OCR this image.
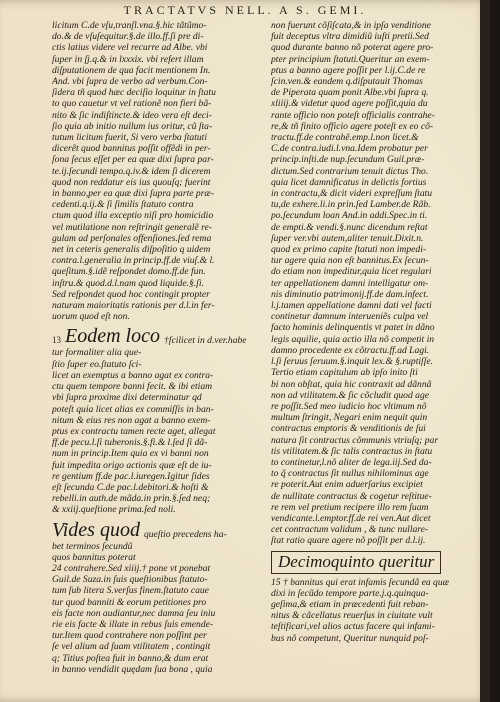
TRACTATVS NELL. A S. GEMI.
licitum C.de vſu,tranſl.vna.§.hic tãtũmo-
do.& de vſuſequitur.§.de illo.ff.ſi pre di-
ctis latius videre vel recurre ad Albe. vbi
ſuper in ſj.q.& in lxxxix. vbi refert illam
diſputationem de qua facit mentionem In.
And. vbi ſupra de verbo ad verbum.Con-
ſidera tñ quod hæc deciſio loquitur in ſtatu
to quo cauetur vt vel rationẽ non fieri bã-
nito & ſic indiſtincte.& ideo vera eſt deci-
ſio quia ab initio nullum ius oritur, cũ ſta-
tutum licitum fuerit, Si vero verba ſtatuti
dicerẽt quod bannitus poſſit offẽdi in per-
ſona ſecus eſſet per ea quæ dixi ſupra par-
te.ij.ſecundi tempo.q.iv.& idem ſi dicerem
quod non reddatur eis ius quouſq; fuerint
in banno,per ea quæ dixi ſupra parte præ-
cedenti.q.ij.& ſi ſimilis ſtatuto contra
ctum quod illa exceptio niſi pro homicidio
vel mutilatione non reſtringit generalẽ re-
gulam ad perſonales offenſiones.ſed rema
net in ceteris generalis diſpoſitio q uidem
contra.l.generalia in princip.ff.de viuſ.& l.
queſitum.§.idẽ reſpondet domo.ff.de fun.
inſtru.& quod.d.l.nam quod liquide.§.ſi.
Sed reſpondet quod hoc contingit propter
naturam maioritatis rationis per d.l.in fer-
uorum quod eſt non.
13 Eodem loco †ſcilicet in d.ver.habe
tur formaliter alia que-
ſtio ſuper eo.ſtatuto ſci-
licet an exemptus a banno agat ex contra-
ctu quem tempore banni fecit. & ibi etiam
vbi ſupra proxime dixi determinatur qd
poteſt quia licet alias ex commiſſis in ban-
nitum & eius res non agat a banno exem-
ptus ex contractu tamen recte aget, allegat
ff.de pecu.l.ſi tuberonis.§.fi.& l.ſed ſi dã-
num in princip.Item quia ex vi banni non
fuit impedita origo actionis quæ eſt de iu-
re gentium ff.de pac.l.iuregen.Igitur ſides
eſt ſecunda C.de pac.l.debitori.& hoſti &
rebelli.in auth.de mãda.in prin.§.ſed neq;
& xxiij.queſtione prima.ſed noli.
Vides quod queſtio precedens ha-
bet terminos ſecundũ
quos bannitus poterat
24 contrahere.Sed xiiij.† pone vt ponebat
Guil.de Suza.in ſuis queſtionibus ſtatuto-
tum ſub litera S.verſus finem.ſtatuto caue
tur quod banniti & eorum petitiones pro
eis facte non audiantur,nec damna ſeu iniu
rie eis facte & illate in rebus ſuis emende-
tur.Item quod contrahere non poſſint per
ſe vel alium ad ſuam vtilitatem , contingit
q; Titius poſtea fuit in banno,& dum erat
in banno vendidit quędam ſua bona , quia
non fuerunt cõſiſcata,& in ipſa venditione
fuit deceptus vltra dimidiũ iuſti pretii.Sed
quod durante banno nõ poterat agere pro-
pter principium ſtatuti.Queritur an exem-
ptus a banno agere poſſit per l.ij.C.de re
ſcin.ven.& eandem q.diſputauit Thomas
de Piperata quam ponit Albe.vbi ſupra q.
xliiij.& videtur quod agere poſſit,quia du
rante officio non poteſt officialis contrahe-
re,& tñ finito officio agere poteſt ex eo cõ-
tractu.ff.de contrahẽ.emp.l.non licet.&
C.de contra.iudi.l.vna.Idem probatur per
princip.inſti.de nup.ſecundum Guil.præ-
dictum.Sed contrarium tenuit dictus Tho.
quia licet damnificatus in delictis fortius
in contractu,& dicit videri expreſſum ſtatu
tu,de exhere.li.in prin.ſed Lamber.de Rãb.
po.ſecundum loan And.in addi.Spec.in ti.
de empti.& vendi.§.nunc dicendum reſtat
ſuper ver.vbi autem,aliter tenuit.Dixit.n.
quod ex primo capite ſtatuti non impedi-
tur agere quia non eſt bannitus.Ex ſecun-
do etiam non impeditur,quia licet regulari
ter appellationem damni intelligatur om-
nis diminutio patrimonij.ff.de dam.infect.
l.j.tamen appellatione damni dati vel facti
continetur damnum interueniẽs culpa vel
facto hominis delinquentis vt patet in dãno
legis aquilie, quia actio illa nõ competit in
damno procedente ex cõtractu.ff.ad Lagi.
l.ſi ſeruus ſeruum.§.inquit lex.& §.ruptiſſe.
Tertio etiam capitulum ab ipſo inito ſti
bi non obſtat, quia hic contraxit ad dãnnã
non ad vtilitatem.& ſic cõcludit quod age
re poſſit.Sed meo iudicio hoc vltimum nõ
multum ſtringit, Negari enim nequit quin
contractus emptoris & venditionis de ſui
natura ſit contractus cõmmunis vtriuſq; par
tis vtilitatem.& ſic talis contractus in ſtatu
to continetur,l.nõ aliter de lega.iij.Sed da-
to q̃ contractus ſit nullus nihilominus age
re poterit.Aut enim aduerſarius excipiet
de nullitate contractus & cogetur reſtitue-
re rem vel pretium recipere illo rem ſuam
vendicante.l.emptor.ff.de rei ven.Aut dicet
cet contractum validum , & tunc nullare-
ſtat ratio quare agere nõ poſſit per d.l.ij.
Decimoquinto queritur
15 † bannitus qui erat infamis ſecundã ea quæ
dixi in ſecũdo tempore parte.j.q.quinqua-
geſima,& etiam in præcedenti fuit reban-
nitus & cãcellatus reuerſus in ciuitate vult
teſtificari,vel alios actus facere qui infami-
bus nõ competunt, Queritur nunquid poſ-
